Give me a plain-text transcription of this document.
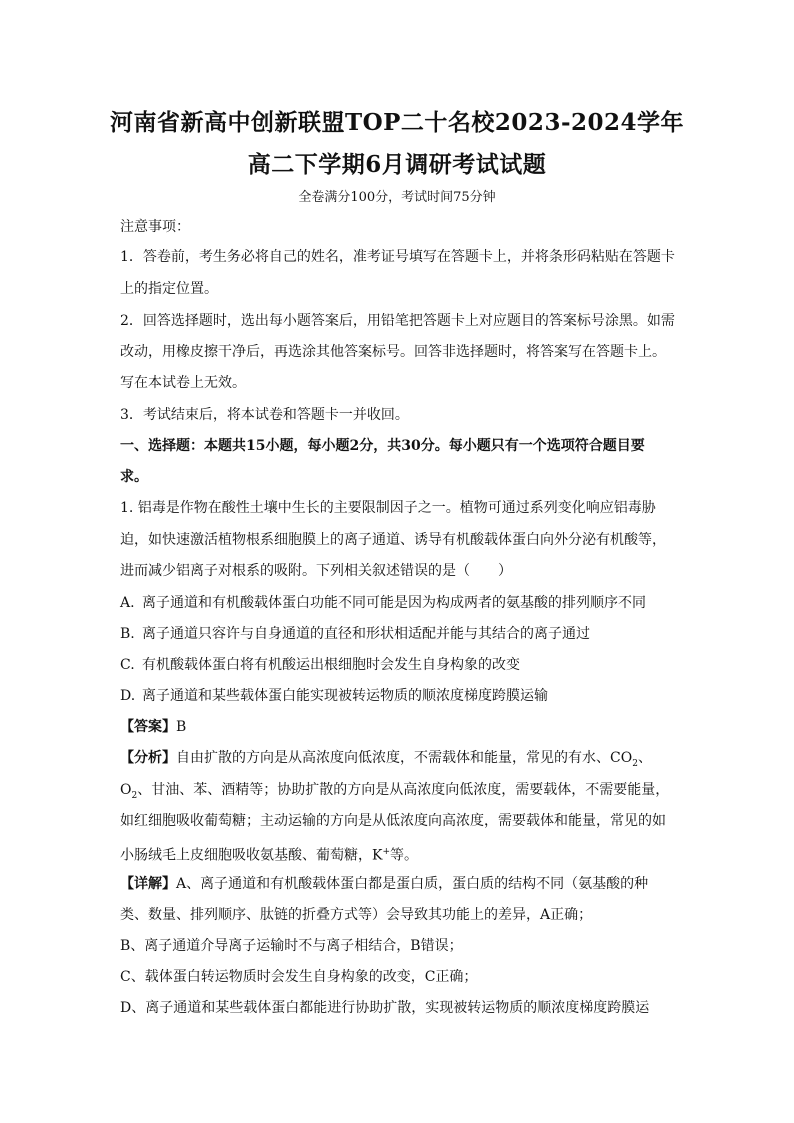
河南省新高中创新联盟TOP二十名校2023-2024学年
高二下学期6月调研考试试题
全卷满分100分，考试时间75分钟
注意事项：
1．答卷前，考生务必将自己的姓名，准考证号填写在答题卡上，并将条形码粘贴在答题卡
上的指定位置。
2．回答选择题时，选出每小题答案后，用铅笔把答题卡上对应题目的答案标号涂黑。如需
改动，用橡皮擦干净后，再选涂其他答案标号。回答非选择题时，将答案写在答题卡上。
写在本试卷上无效。
3．考试结束后，将本试卷和答题卡一并收回。
一、选择题：本题共15小题，每小题2分，共30分。每小题只有一个选项符合题目要
求。
1. 铝毒是作物在酸性土壤中生长的主要限制因子之一。植物可通过系列变化响应铝毒胁
迫，如快速激活植物根系细胞膜上的离子通道、诱导有机酸载体蛋白向外分泌有机酸等，
进而减少铝离子对根系的吸附。下列相关叙述错误的是（　　）
A. 离子通道和有机酸载体蛋白功能不同可能是因为构成两者的氨基酸的排列顺序不同
B. 离子通道只容许与自身通道的直径和形状相适配并能与其结合的离子通过
C. 有机酸载体蛋白将有机酸运出根细胞时会发生自身构象的改变
D. 离子通道和某些载体蛋白能实现被转运物质的顺浓度梯度跨膜运输
【答案】B
【分析】自由扩散的方向是从高浓度向低浓度，不需载体和能量，常见的有水、$CO_2$、
$O_2$、甘油、苯、酒精等；协助扩散的方向是从高浓度向低浓度，需要载体，不需要能量，
如红细胞吸收葡萄糖；主动运输的方向是从低浓度向高浓度，需要载体和能量，常见的如
小肠绒毛上皮细胞吸收氨基酸、葡萄糖，K+等。
【详解】A、离子通道和有机酸载体蛋白都是蛋白质，蛋白质的结构不同（氨基酸的种
类、数量、排列顺序、肽链的折叠方式等）会导致其功能上的差异，A正确；
B、离子通道介导离子运输时不与离子相结合，B错误；
C、载体蛋白转运物质时会发生自身构象的改变，C正确；
D、离子通道和某些载体蛋白都能进行协助扩散，实现被转运物质的顺浓度梯度跨膜运
